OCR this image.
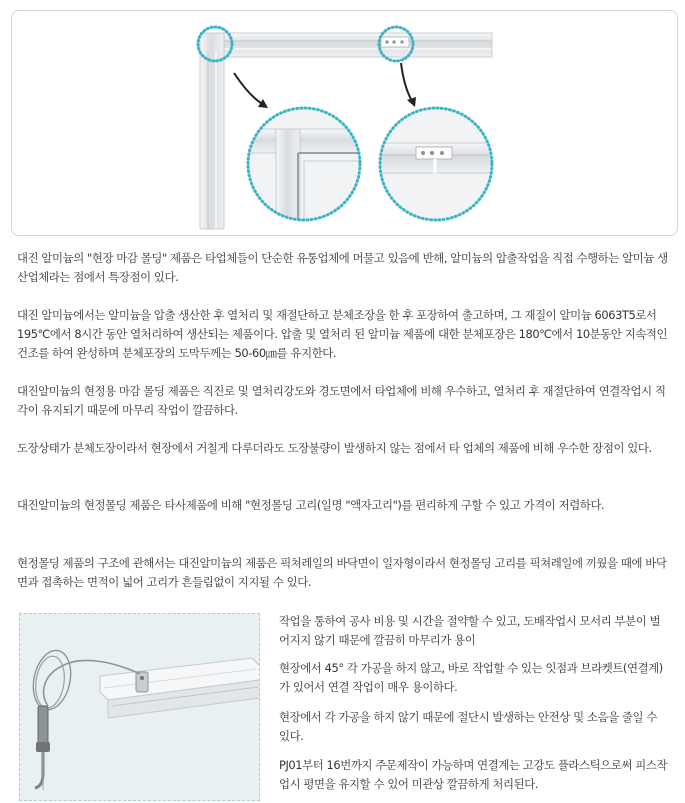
대진 알미늄의 "현장 마감 몰딩" 제품은 타업체들이 단순한 유통업체에 머물고 있음에 반해, 알미늄의 압출작업을 직접 수행하는 알미늄 생산업체라는 점에서 특장점이 있다.

대진 알미늄에서는 알미늄을 압출 생산한 후 열처리 및 재절단하고 분체조장을 한 후 포장하여 출고하며, 그 재질이 알미늄 6063T5로서 195℃에서 8시간 동안 열처리하여 생산되는 제품이다. 압출 및 열처리 된 알미늄 제품에 대한 분체포장은 180℃에서 10분동안 지속적인 건조를 하여 완성하며 분체포장의 도막두께는 50-60㎛를 유지한다.

대진알미늄의 현정용 마감 몰딩 제품은 직진로 및 열처리강도와 경도면에서 타업체에 비해 우수하고, 열처리 후 재절단하여 연결작업시 직각이 유지되기 때문에 마무리 작업이 깔끔하다.

도장상태가 분체도장이라서 현장에서 거칠게 다루더라도 도장불량이 발생하지 않는 점에서 타 업체의 제품에 비해 우수한 장점이 있다.

대진알미늄의 현정몰딩 제품은 타사제품에 비해 "현정몰딩 고리(일명 "액자고리")를 편리하게 구할 수 있고 가격이 저렴하다.

현정몰딩 제품의 구조에 관해서는 대진알미늄의 제품은 픽쳐레일의 바닥면이 일자형이라서 현정몰딩 고리를 픽쳐레일에 끼웠을 때에 바닥면과 접촉하는 면적이 넓어 고리가 흔들림없이 지지될 수 있다.

작업을 통하여 공사 비용 및 시간을 절약할 수 있고, 도배작업시 모서리 부분이 벌어지지 않기 때문에 깔끔히 마무리가 용이

현장에서 45° 각 가공을 하지 않고, 바로 작업할 수 있는 잇점과 브라켓트(연결계)가 있어서 연결 작업이 매우 용이하다.

현장에서 각 가공을 하지 않기 때문에 절단시 발생하는 안전상 및 소음을 줄일 수 있다.

PJ01부터 16번까지 주문제작이 가능하며 연결계는 고강도 플라스틱으로써 피스작업시 평면을 유지할 수 있어 미관상 깔끔하게 처리된다.
